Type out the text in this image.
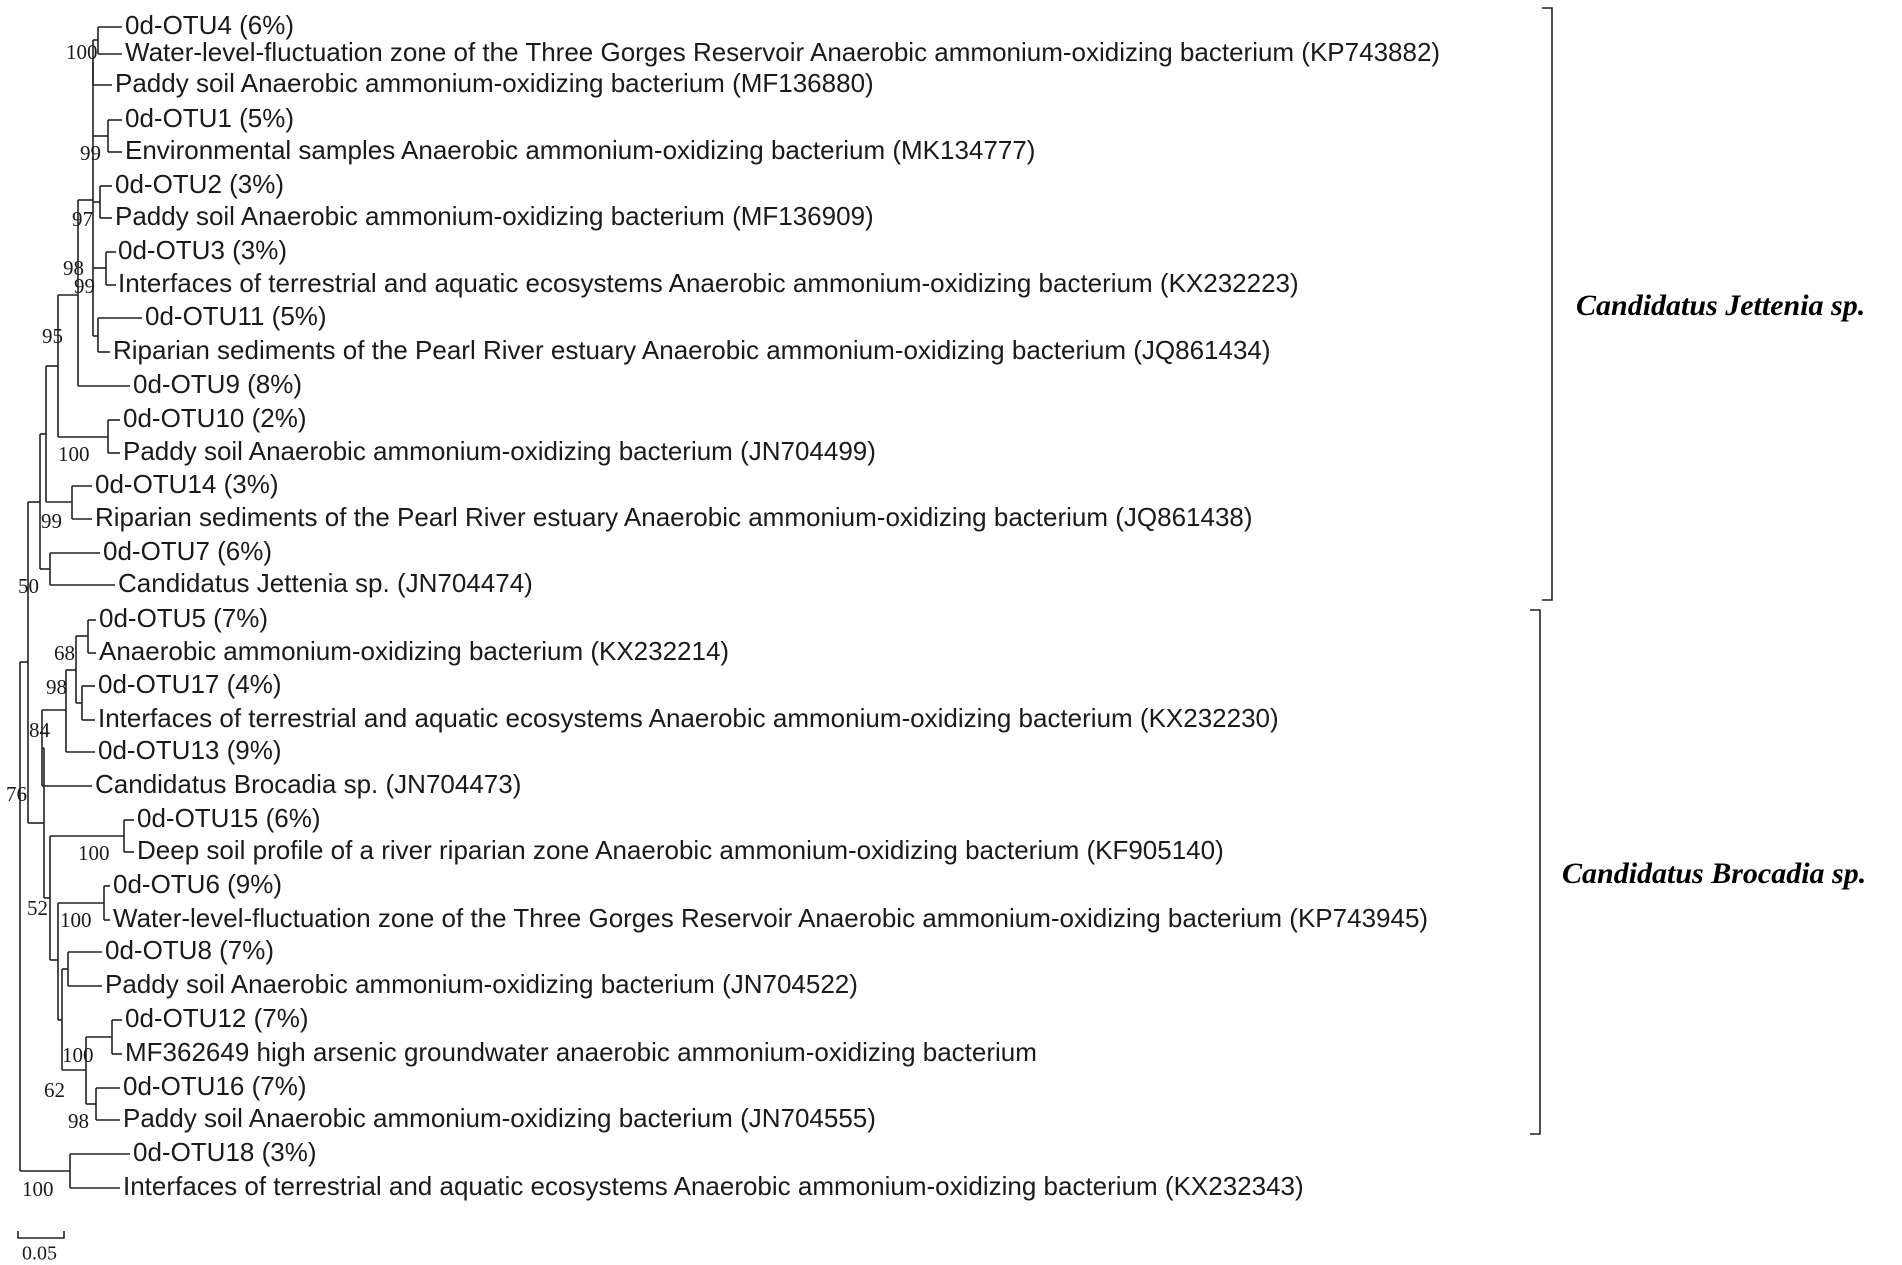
0d-OTU4 (6%)
Water-level-fluctuation zone of the Three Gorges Reservoir Anaerobic ammonium-oxidizing bacterium (KP743882)
Paddy soil Anaerobic ammonium-oxidizing bacterium (MF136880)
0d-OTU1 (5%)
Environmental samples Anaerobic ammonium-oxidizing bacterium (MK134777)
0d-OTU2 (3%)
Paddy soil Anaerobic ammonium-oxidizing bacterium (MF136909)
0d-OTU3 (3%)
Interfaces of terrestrial and aquatic ecosystems Anaerobic ammonium-oxidizing bacterium (KX232223)
0d-OTU11 (5%)
Riparian sediments of the Pearl River estuary Anaerobic ammonium-oxidizing bacterium (JQ861434)
0d-OTU9 (8%)
0d-OTU10 (2%)
Paddy soil Anaerobic ammonium-oxidizing bacterium (JN704499)
0d-OTU14 (3%)
Riparian sediments of the Pearl River estuary Anaerobic ammonium-oxidizing bacterium (JQ861438)
0d-OTU7 (6%)
Candidatus Jettenia sp. (JN704474)
0d-OTU5 (7%)
Anaerobic ammonium-oxidizing bacterium (KX232214)
0d-OTU17 (4%)
Interfaces of terrestrial and aquatic ecosystems Anaerobic ammonium-oxidizing bacterium (KX232230)
0d-OTU13 (9%)
Candidatus Brocadia sp. (JN704473)
0d-OTU15 (6%)
Deep soil profile of a river riparian zone Anaerobic ammonium-oxidizing bacterium (KF905140)
0d-OTU6 (9%)
Water-level-fluctuation zone of the Three Gorges Reservoir Anaerobic ammonium-oxidizing bacterium (KP743945)
0d-OTU8 (7%)
Paddy soil Anaerobic ammonium-oxidizing bacterium (JN704522)
0d-OTU12 (7%)
MF362649 high arsenic groundwater anaerobic ammonium-oxidizing bacterium
0d-OTU16 (7%)
Paddy soil Anaerobic ammonium-oxidizing bacterium (JN704555)
0d-OTU18 (3%)
Interfaces of terrestrial and aquatic ecosystems Anaerobic ammonium-oxidizing bacterium (KX232343)
100
99
97
98
99
95
100
99
50
68
98
84
76
100
52 100
100
62
98
100
Candidatus Jettenia sp.
Candidatus Brocadia sp.
0.05
